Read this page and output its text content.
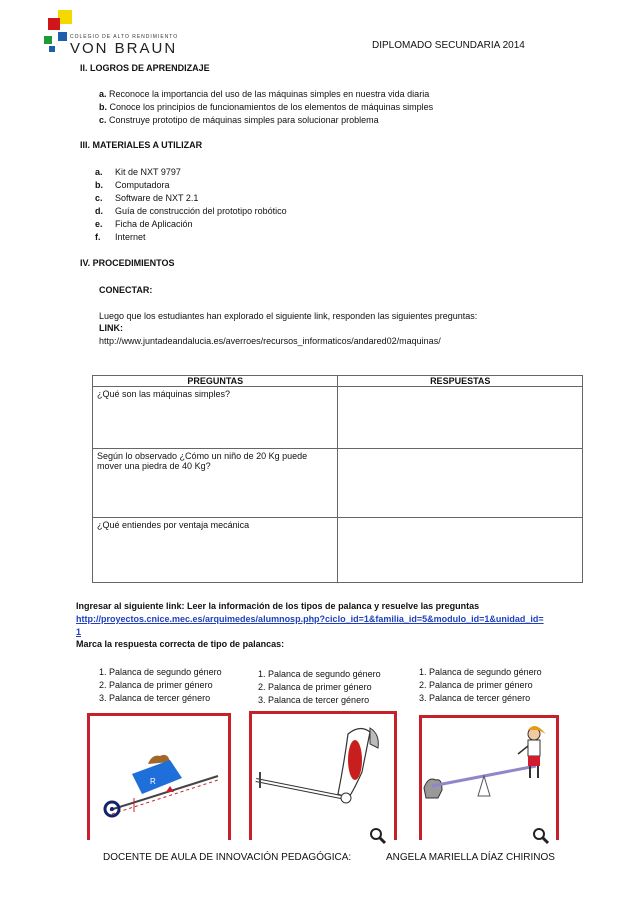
COLEGIO DE ALTO RENDIMIENTO
VON BRAUN	DIPLOMADO SECUNDARIA 2014
II. LOGROS DE APRENDIZAJE
a. Reconoce la importancia del uso de las máquinas simples en nuestra vida diaria
b. Conoce los principios de funcionamientos de los elementos de máquinas simples
c. Construye prototipo de máquinas simples para solucionar problema
III. MATERIALES A UTILIZAR
a. Kit de NXT 9797
b. Computadora
c. Software de NXT 2.1
d. Guía de construcción del prototipo robótico
e. Ficha de Aplicación
f. Internet
IV. PROCEDIMIENTOS
CONECTAR:
Luego que los estudiantes han explorado el siguiente link, responden las siguientes preguntas:
LINK:
http://www.juntadeandalucia.es/averroes/recursos_informaticos/andared02/maquinas/
PREGUNTAS	RESPUESTAS
¿Qué son las máquinas simples?	
Según lo observado ¿Cómo un niño de 20 Kg puede mover una piedra de 40 Kg?	
¿Qué entiendes por ventaja mecánica	
Ingresar al siguiente link: Leer la información de los tipos de palanca y resuelve las preguntas
http://proyectos.cnice.mec.es/arquimedes/alumnosp.php?ciclo_id=1&familia_id=5&modulo_id=1&unidad_id=
1
Marca la respuesta correcta de tipo de palancas:
1. Palanca de segundo género
2. Palanca de primer género
3. Palanca de tercer género
1. Palanca de segundo género
2. Palanca de primer género
3. Palanca de tercer género
1. Palanca de segundo género
2. Palanca de primer género
3. Palanca de tercer género
R
DOCENTE DE AULA DE INNOVACIÓN PEDAGÓGICA:	ANGELA MARIELLA DÍAZ CHIRINOS
